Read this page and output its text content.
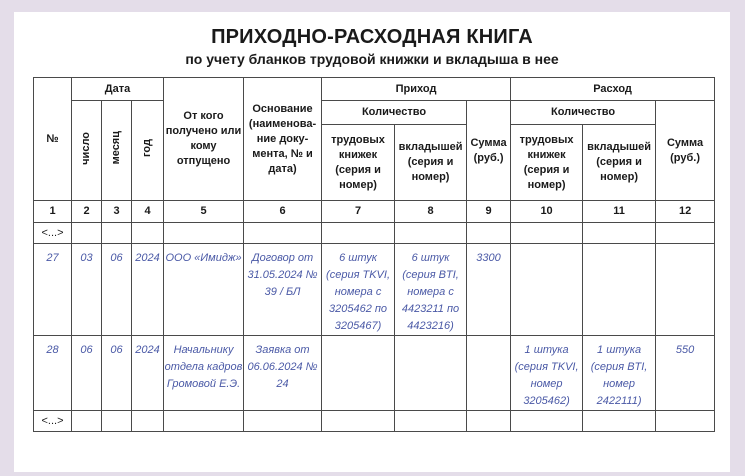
ПРИХОДНО-РАСХОДНАЯ КНИГА
по учету бланков трудовой книжки и вкладыша в нее
№	Дата			От кого получено или кому отпущено	Основание (наименова- ние доку- мента, № и дата)	Приход			Расход		
	число	месяц	год			Количество		Сумма (руб.)	Количество		Сумма (руб.)
						трудовых книжек (серия и номер)	вкладышей (серия и номер)		трудовых книжек (серия и номер)	вкладышей (серия и номер)	
1	2	3	4	5	6	7	8	9	10	11	12
<...>											
27	03	06	2024	ООО «Имидж»	Договор от 31.05.2024 № 39 / БЛ	6 штук (серия TKVI, номера с 3205462 по 3205467)	6 штук (серия BTI, номера с 4423211 по 4423216)	3300			
28	06	06	2024	Начальнику отдела кадров Громовой Е.Э.	Заявка от 06.06.2024 № 24				1 штука (серия TKVI, номер 3205462)	1 штука (серия BTI, номер 2422111)	550
<...>											
